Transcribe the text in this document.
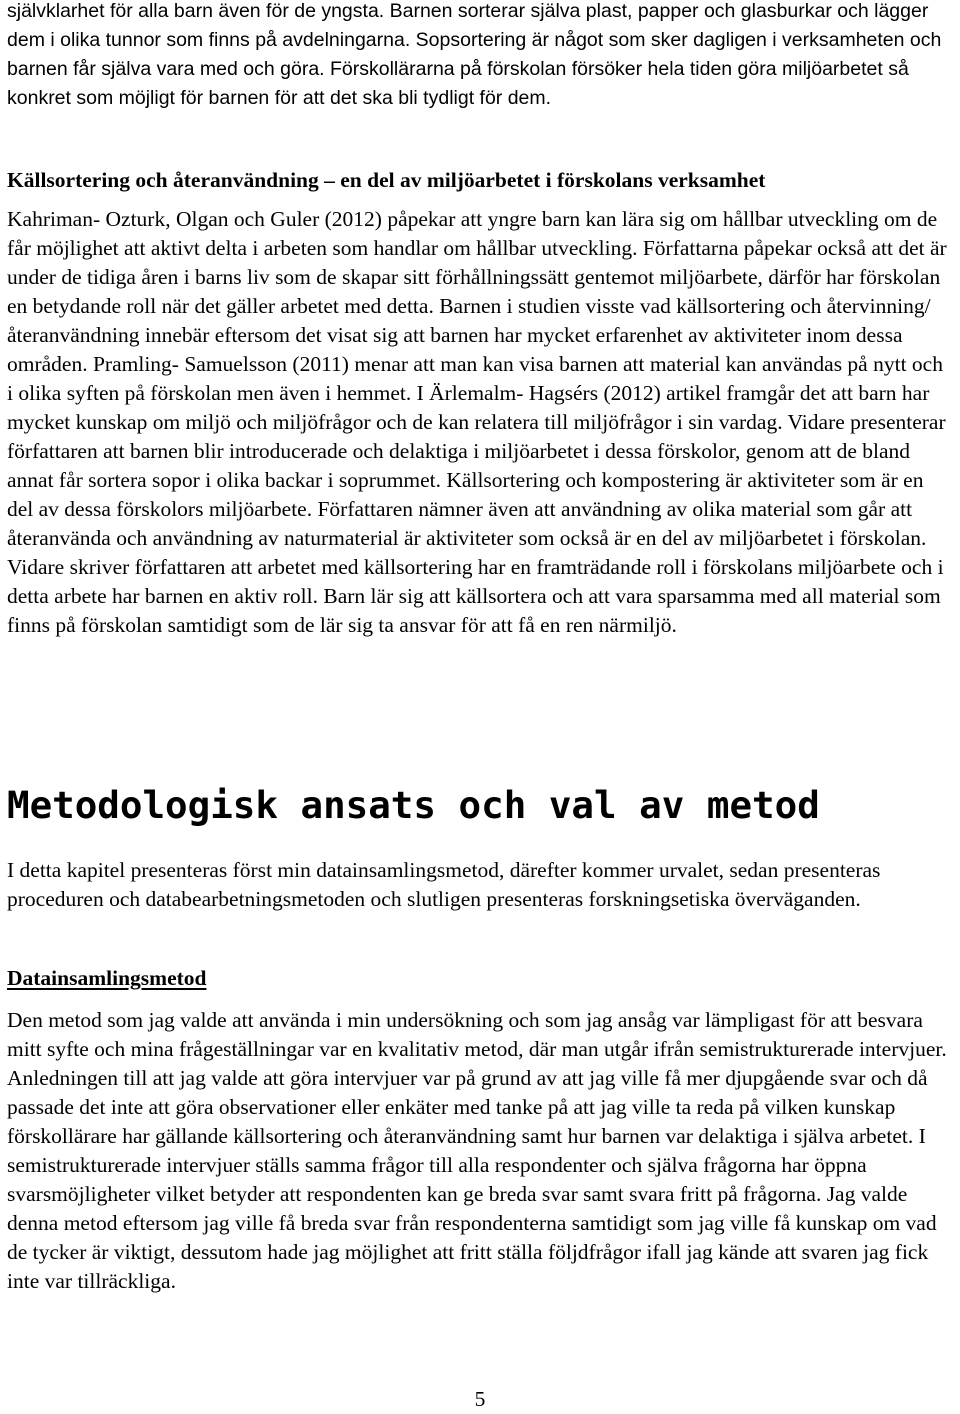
självklarhet för alla barn även för de yngsta. Barnen sorterar själva plast, papper och glasburkar och lägger dem i olika tunnor som finns på avdelningarna. Sopsortering är något som sker dagligen i verksamheten och barnen får själva vara med och göra. Förskollärarna på förskolan försöker hela tiden göra miljöarbetet så konkret som möjligt för barnen för att det ska bli tydligt för dem.

Källsortering och återanvändning – en del av miljöarbetet i förskolans verksamhet

Kahriman- Ozturk, Olgan och Guler (2012) påpekar att yngre barn kan lära sig om hållbar utveckling om de får möjlighet att aktivt delta i arbeten som handlar om hållbar utveckling. Författarna påpekar också att det är under de tidiga åren i barns liv som de skapar sitt förhållningssätt gentemot miljöarbete, därför har förskolan en betydande roll när det gäller arbetet med detta. Barnen i studien visste vad källsortering och återvinning/återanvändning innebär eftersom det visat sig att barnen har mycket erfarenhet av aktiviteter inom dessa områden. Pramling- Samuelsson (2011) menar att man kan visa barnen att material kan användas på nytt och i olika syften på förskolan men även i hemmet. I Ärlemalm- Hagsérs (2012) artikel framgår det att barn har mycket kunskap om miljö och miljöfrågor och de kan relatera till miljöfrågor i sin vardag. Vidare presenterar författaren att barnen blir introducerade och delaktiga i miljöarbetet i dessa förskolor, genom att de bland annat får sortera sopor i olika backar i soprummet. Källsortering och kompostering är aktiviteter som är en del av dessa förskolors miljöarbete. Författaren nämner även att användning av olika material som går att återanvända och användning av naturmaterial är aktiviteter som också är en del av miljöarbetet i förskolan. Vidare skriver författaren att arbetet med källsortering har en framträdande roll i förskolans miljöarbete och i detta arbete har barnen en aktiv roll. Barn lär sig att källsortera och att vara sparsamma med all material som finns på förskolan samtidigt som de lär sig ta ansvar för att få en ren närmiljö.

Metodologisk ansats och val av metod

I detta kapitel presenteras först min datainsamlingsmetod, därefter kommer urvalet, sedan presenteras proceduren och databearbetningsmetoden och slutligen presenteras forskningsetiska överväganden.

Datainsamlingsmetod

Den metod som jag valde att använda i min undersökning och som jag ansåg var lämpligast för att besvara mitt syfte och mina frågeställningar var en kvalitativ metod, där man utgår ifrån semistrukturerade intervjuer. Anledningen till att jag valde att göra intervjuer var på grund av att jag ville få mer djupgående svar och då passade det inte att göra observationer eller enkäter med tanke på att jag ville ta reda på vilken kunskap förskollärare har gällande källsortering och återanvändning samt hur barnen var delaktiga i själva arbetet. I semistrukturerade intervjuer ställs samma frågor till alla respondenter och själva frågorna har öppna svarsmöjligheter vilket betyder att respondenten kan ge breda svar samt svara fritt på frågorna. Jag valde denna metod eftersom jag ville få breda svar från respondenterna samtidigt som jag ville få kunskap om vad de tycker är viktigt, dessutom hade jag möjlighet att fritt ställa följdfrågor ifall jag kände att svaren jag fick inte var tillräckliga.

5
